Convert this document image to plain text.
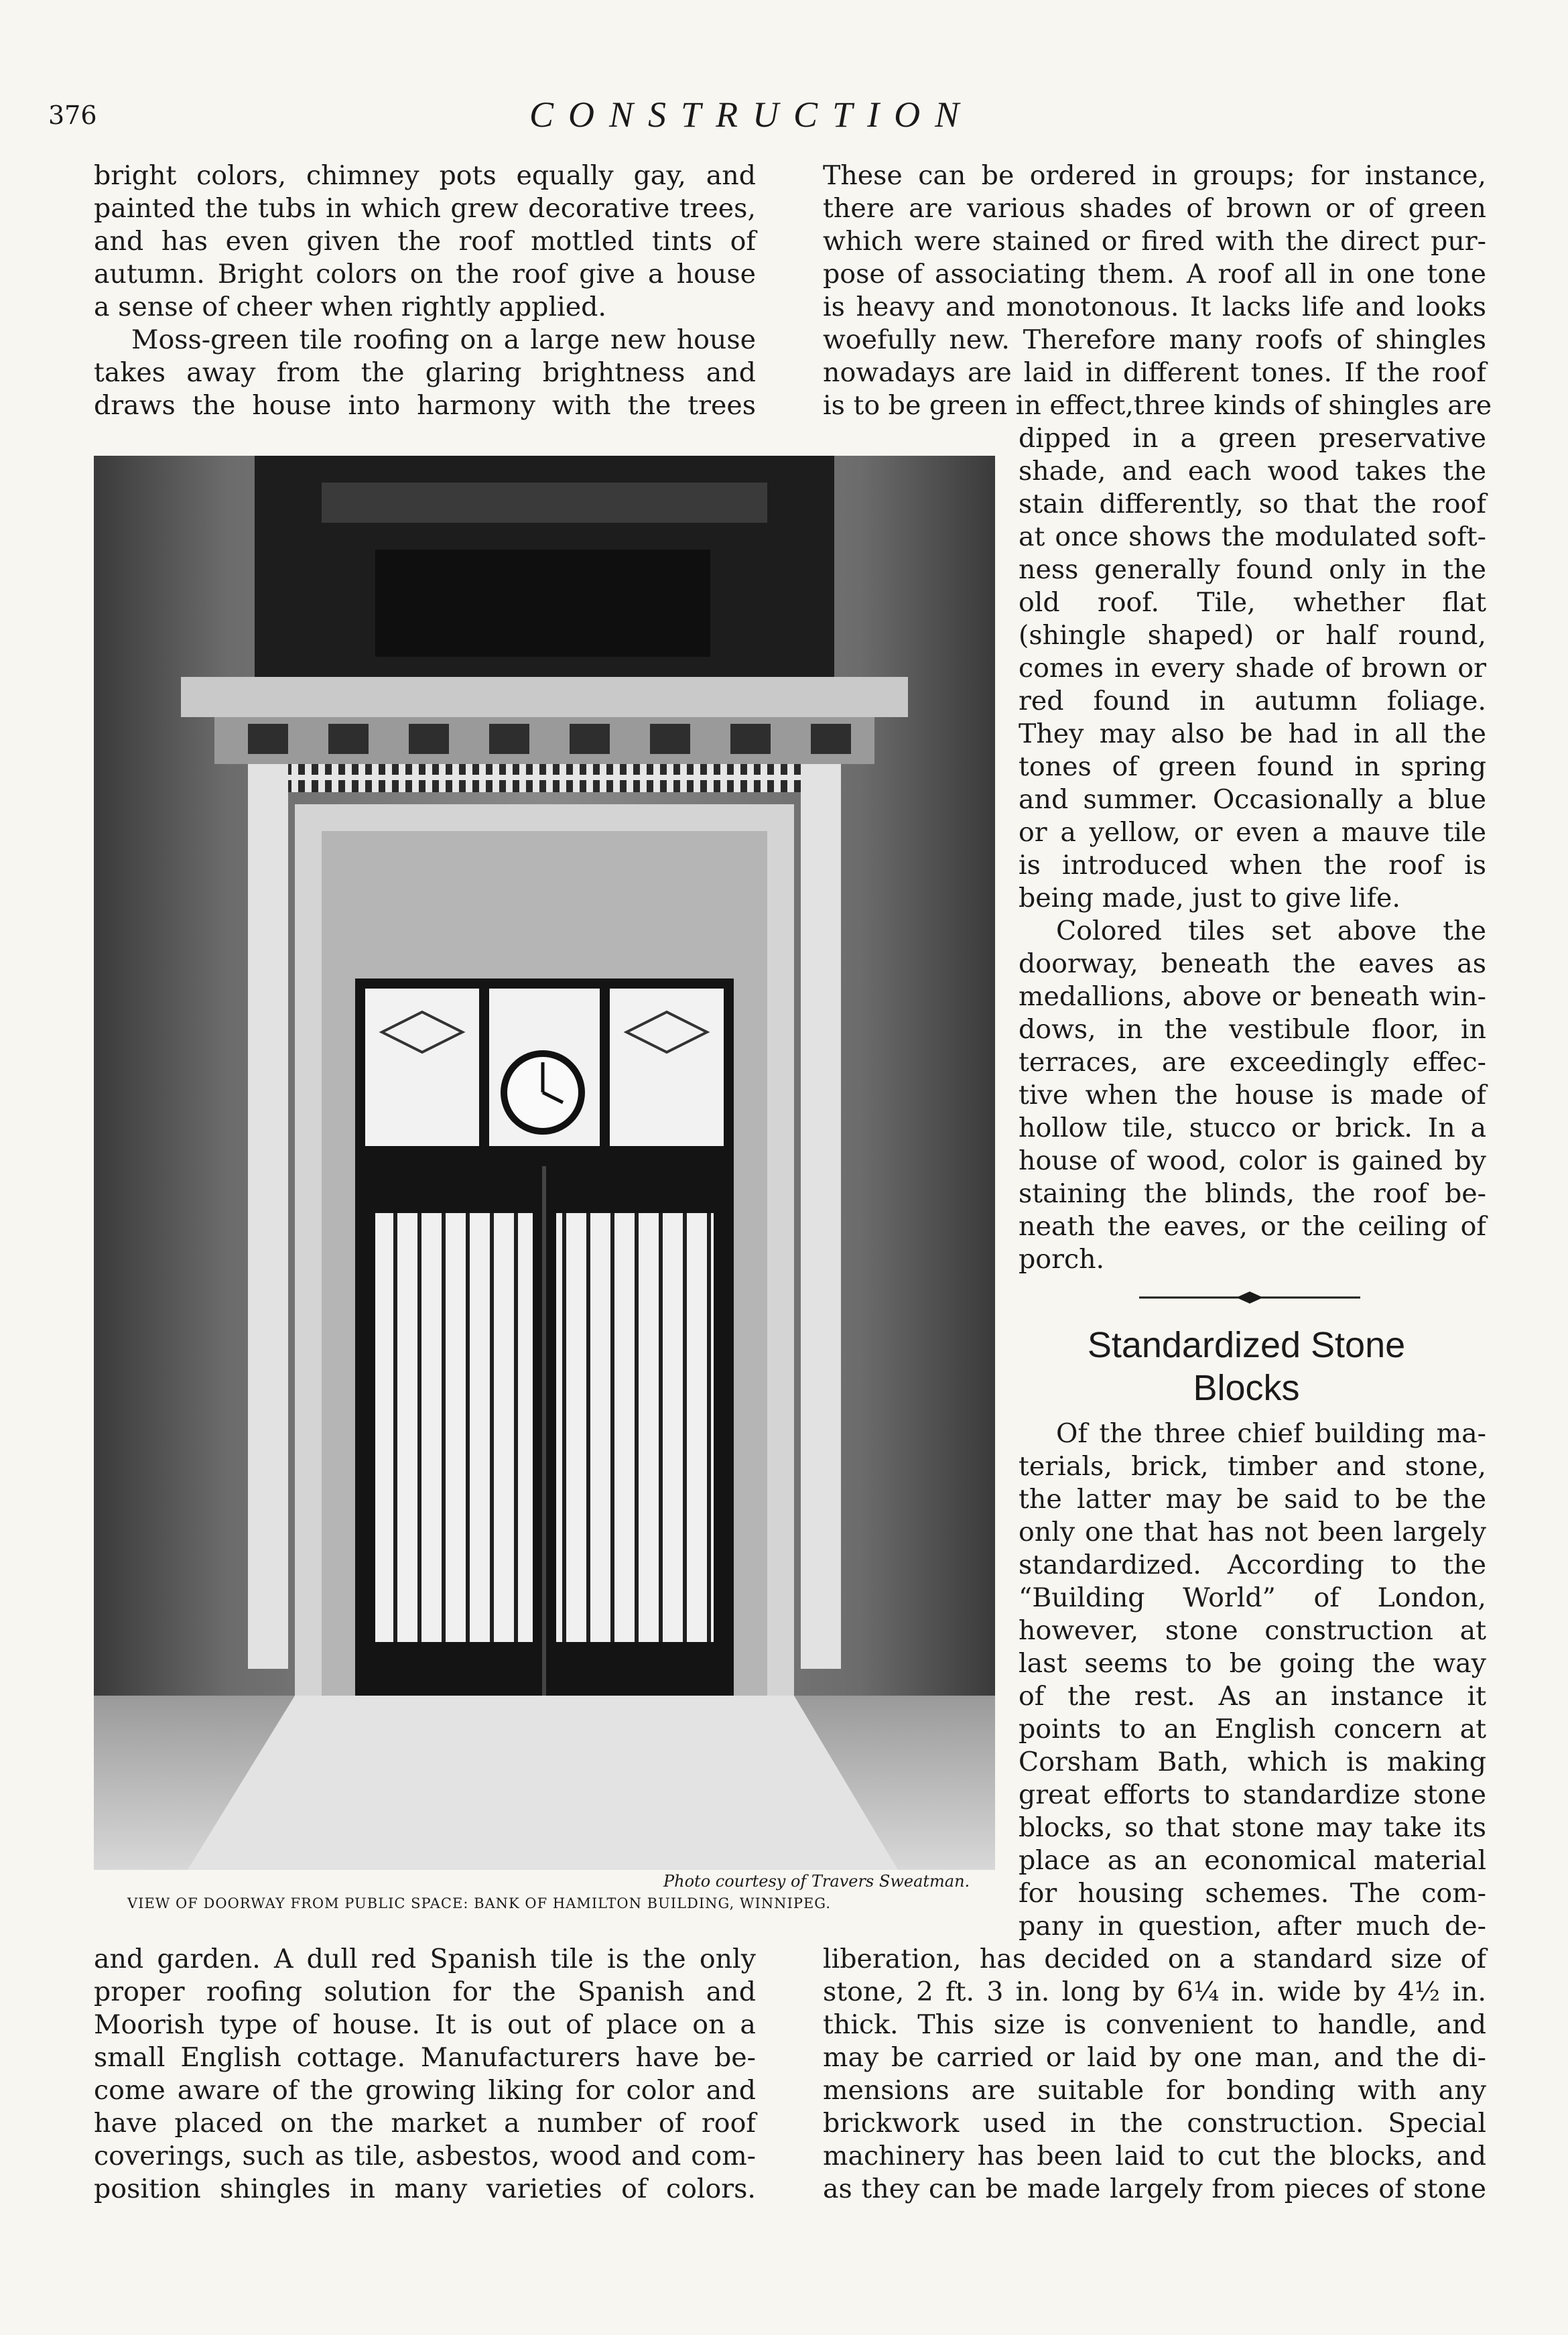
376	CONSTRUCTION

bright colors, chimney pots equally gay, and

painted the tubs in which grew decorative trees,

and has even given the roof mottled tints of

autumn. Bright colors on the roof give a house

a sense of cheer when rightly applied.

Moss-green tile roofing on a large new house

takes away from the glaring brightness and

draws the house into harmony with the trees

These can be ordered in groups; for instance,

there are various shades of brown or of green

which were stained or fired with the direct pur-

pose of associating them. A roof all in one tone

is heavy and monotonous. It lacks life and looks

woefully new. Therefore many roofs of shingles

nowadays are laid in different tones. If the roof

is to be green in effect,three kinds of shingles are

dipped in a green preservative

shade, and each wood takes the

stain differently, so that the roof

at once shows the modulated soft-

ness generally found only in the

old roof. Tile, whether flat

(shingle shaped) or half round,

comes in every shade of brown or

red found in autumn foliage.

They may also be had in all the

tones of green found in spring

and summer. Occasionally a blue

or a yellow, or even a mauve tile

is introduced when the roof is

being made, just to give life.

Colored tiles set above the

doorway, beneath the eaves as

medallions, above or beneath win-

dows, in the vestibule floor, in

terraces, are exceedingly effec-

tive when the house is made of

hollow tile, stucco or brick. In a

house of wood, color is gained by

staining the blinds, the roof be-

neath the eaves, or the ceiling of

porch.

Standardized Stone
Blocks

Of the three chief building ma-

terials, brick, timber and stone,

the latter may be said to be the

only one that has not been largely

standardized. According to the

“Building World” of London,

however, stone construction at

last seems to be going the way

of the rest. As an instance it

points to an English concern at

Corsham Bath, which is making

great efforts to standardize stone

blocks, so that stone may take its

place as an economical material

for housing schemes. The com-

pany in question, after much de-

liberation, has decided on a standard size of

stone, 2 ft. 3 in. long by 6¼ in. wide by 4½ in.

thick. This size is convenient to handle, and

may be carried or laid by one man, and the di-

mensions are suitable for bonding with any

brickwork used in the construction. Special

machinery has been laid to cut the blocks, and

as they can be made largely from pieces of stone

and garden. A dull red Spanish tile is the only

proper roofing solution for the Spanish and

Moorish type of house. It is out of place on a

small English cottage. Manufacturers have be-

come aware of the growing liking for color and

have placed on the market a number of roof

coverings, such as tile, asbestos, wood and com-

position shingles in many varieties of colors.

Photo courtesy of Travers Sweatman.
VIEW OF DOORWAY FROM PUBLIC SPACE: BANK OF HAMILTON BUILDING, WINNIPEG.
